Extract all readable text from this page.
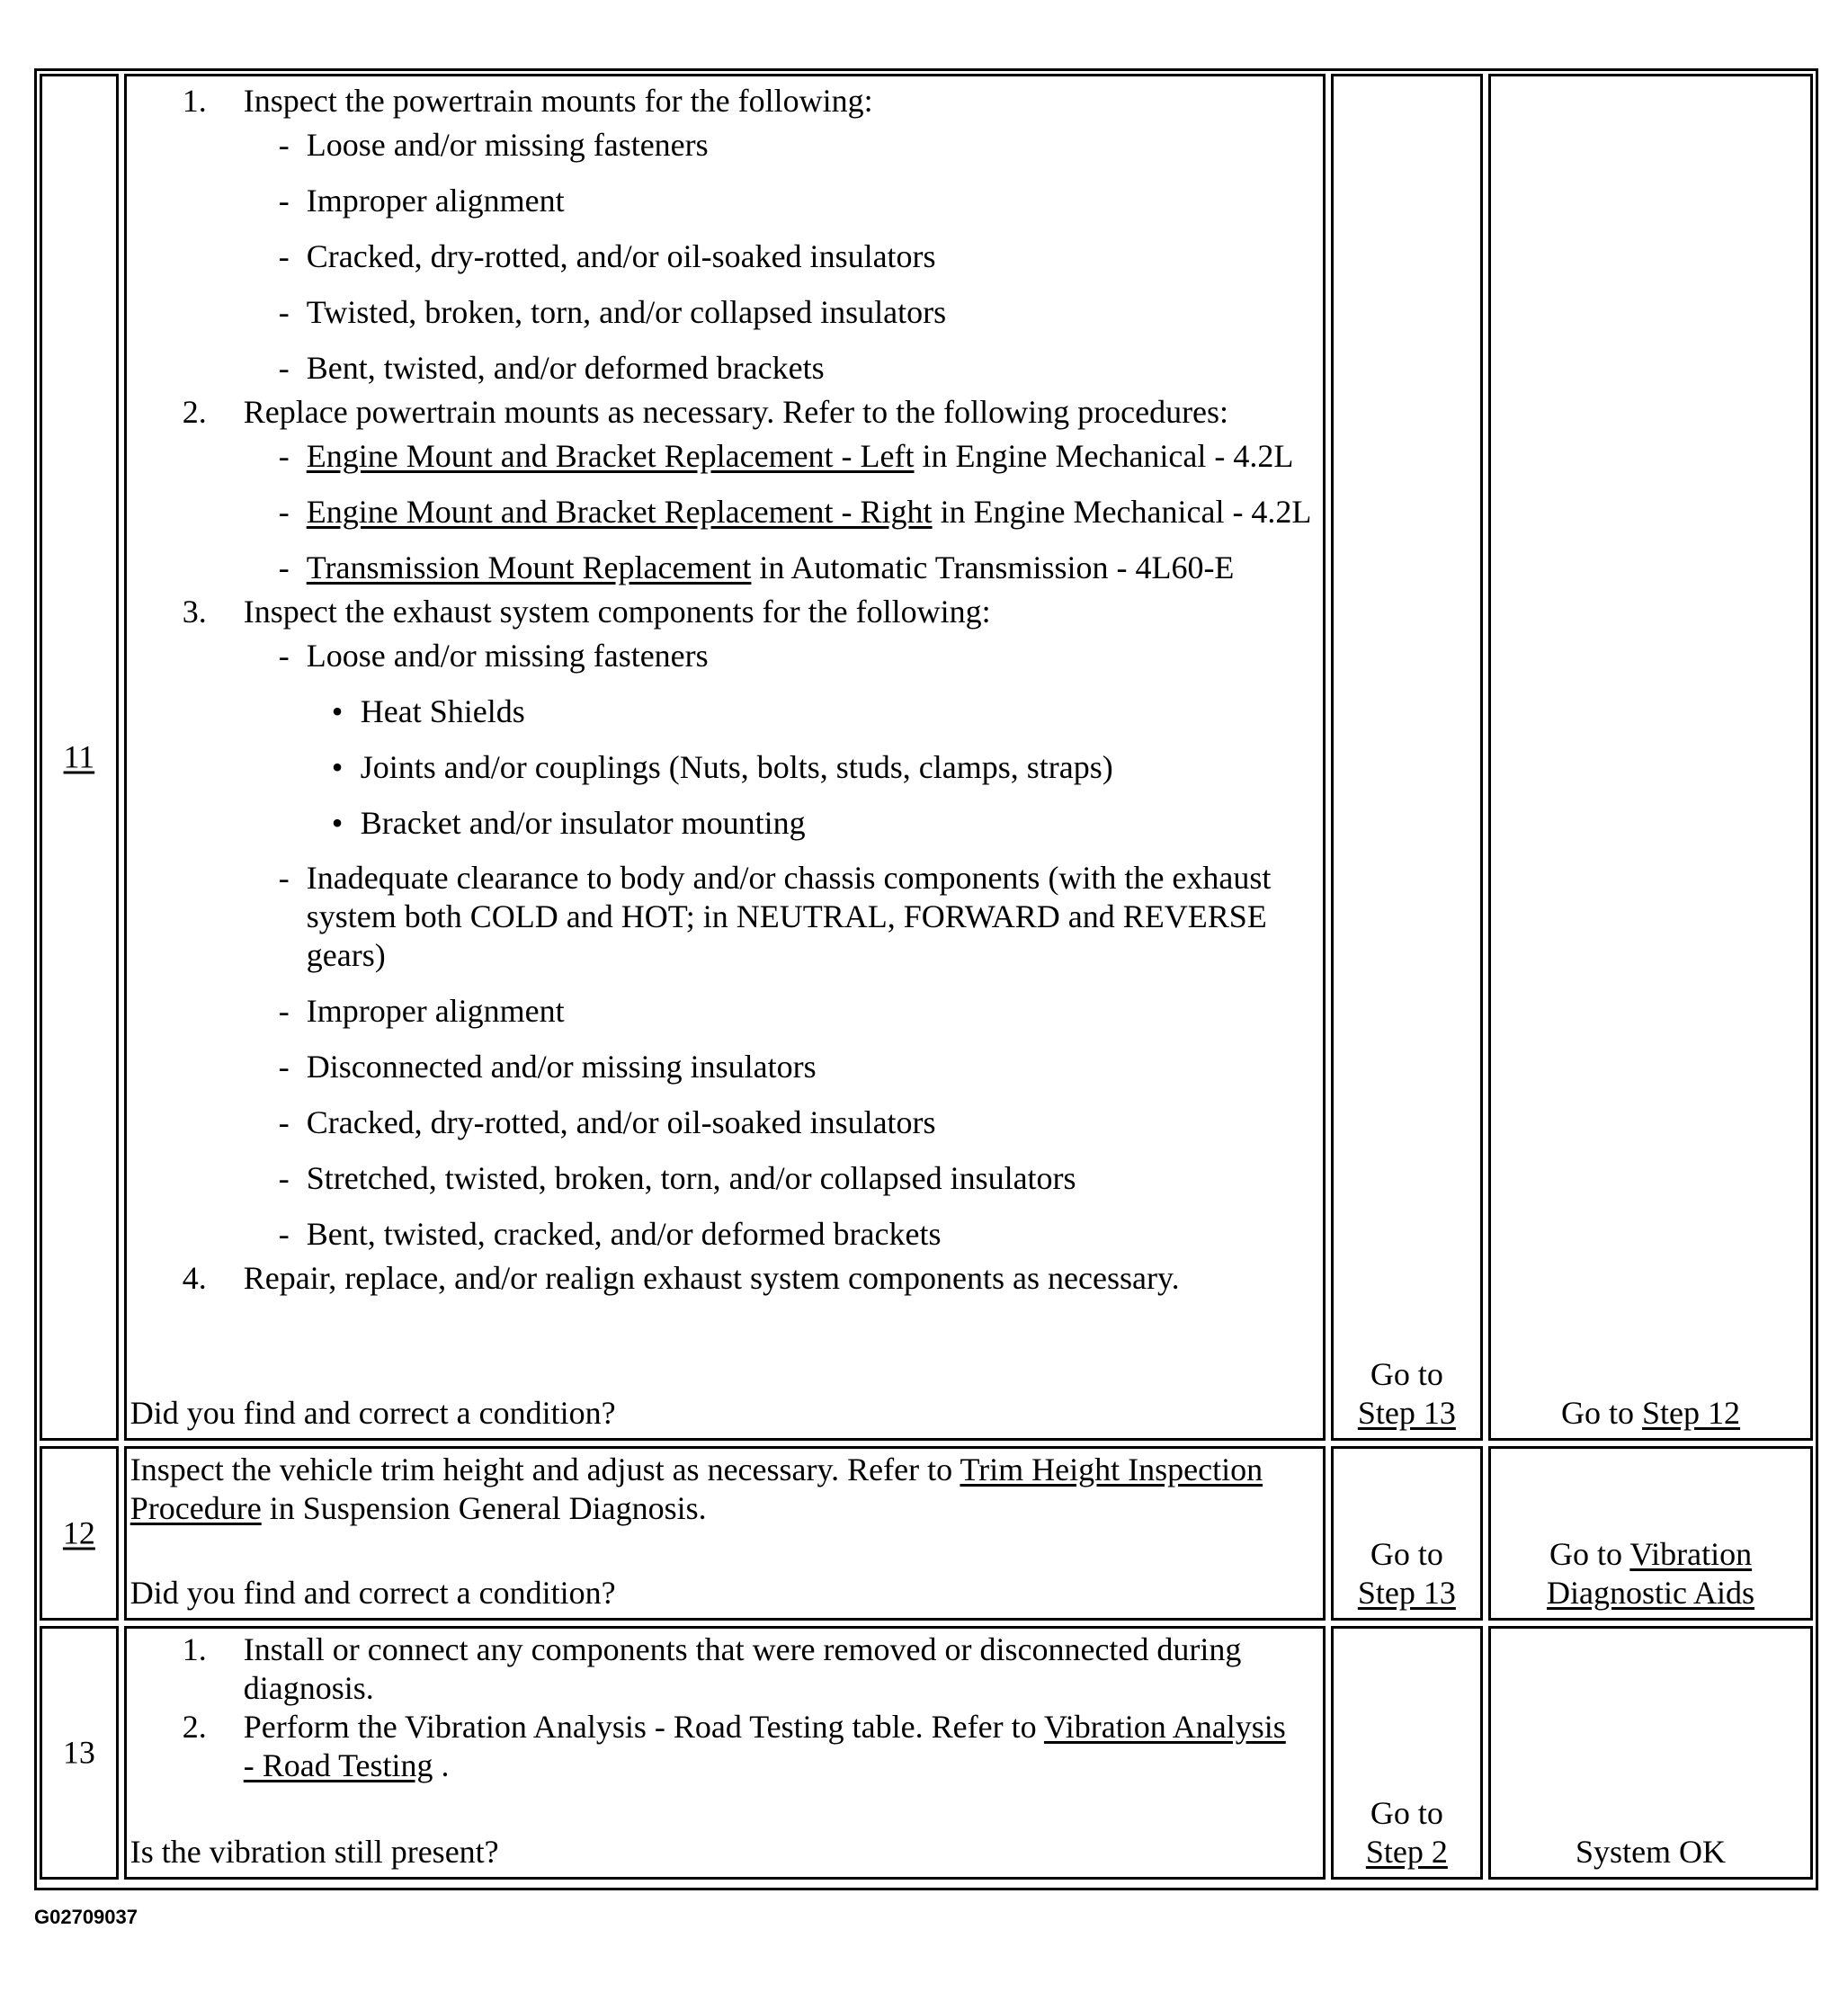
11
1. Inspect the powertrain mounts for the following:
- Loose and/or missing fasteners
- Improper alignment
- Cracked, dry-rotted, and/or oil-soaked insulators
- Twisted, broken, torn, and/or collapsed insulators
- Bent, twisted, and/or deformed brackets
2. Replace powertrain mounts as necessary. Refer to the following procedures:
- Engine Mount and Bracket Replacement - Left in Engine Mechanical - 4.2L
- Engine Mount and Bracket Replacement - Right in Engine Mechanical - 4.2L
- Transmission Mount Replacement in Automatic Transmission - 4L60-E
3. Inspect the exhaust system components for the following:
- Loose and/or missing fasteners
• Heat Shields
• Joints and/or couplings (Nuts, bolts, studs, clamps, straps)
• Bracket and/or insulator mounting
- Inadequate clearance to body and/or chassis components (with the exhaust system both COLD and HOT; in NEUTRAL, FORWARD and REVERSE gears)
- Improper alignment
- Disconnected and/or missing insulators
- Cracked, dry-rotted, and/or oil-soaked insulators
- Stretched, twisted, broken, torn, and/or collapsed insulators
- Bent, twisted, cracked, and/or deformed brackets
4. Repair, replace, and/or realign exhaust system components as necessary.
Did you find and correct a condition?
Go to
Step 13	Go to Step 12
12
Inspect the vehicle trim height and adjust as necessary. Refer to Trim Height Inspection
Procedure in Suspension General Diagnosis.
Did you find and correct a condition?
Go to
Step 13
Go to Vibration
Diagnostic Aids
13
1. Install or connect any components that were removed or disconnected during diagnosis.
2. Perform the Vibration Analysis - Road Testing table. Refer to Vibration Analysis
- Road Testing .
Is the vibration still present?
Go to
Step 2	System OK
G02709037
